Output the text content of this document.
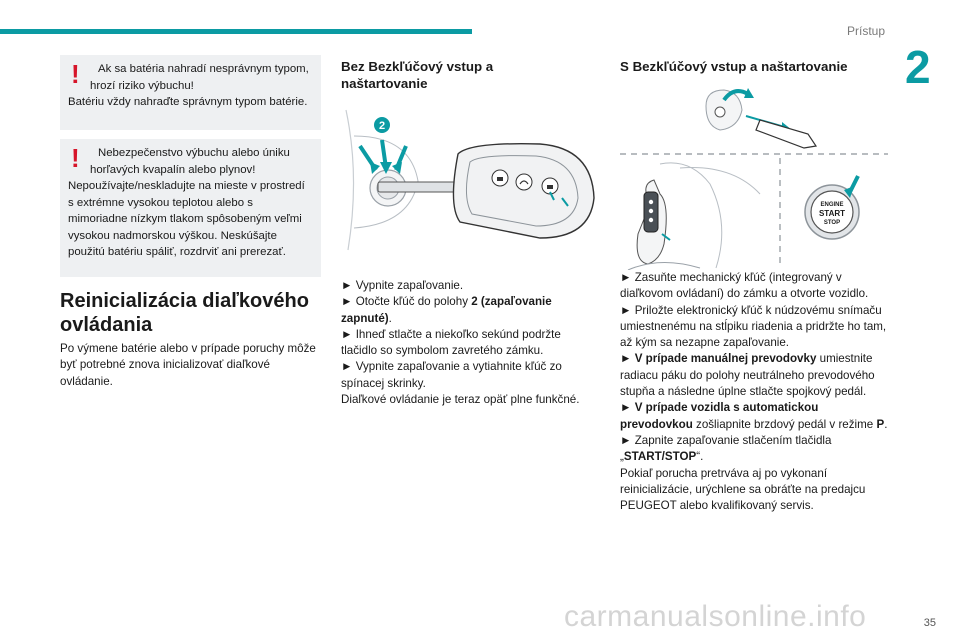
Prístup
2
!	Ak sa batéria nahradí nesprávnym typom, hrozí riziko výbuchu!
Batériu vždy nahraďte správnym typom batérie.
!	Nebezpečenstvo výbuchu alebo úniku horľavých kvapalín alebo plynov!
Nepoužívajte/neskladujte na mieste v prostredí s extrémne vysokou teplotou alebo s mimoriadne nízkym tlakom spôsobeným veľmi vysokou nadmorskou výškou. Neskúšajte použitú batériu spáliť, rozdrviť ani prerezať.
Reinicializácia diaľkového ovládania
Po výmene batérie alebo v prípade poruchy môže byť potrebné znova inicializovať diaľkové ovládanie.
Bez Bezkľúčový vstup a naštartovanie
2
► Vypnite zapaľovanie.
► Otočte kľúč do polohy 2 (zapaľovanie zapnuté).
► Ihneď stlačte a niekoľko sekúnd podržte tlačidlo so symbolom zavretého zámku.
► Vypnite zapaľovanie a vytiahnite kľúč zo spínacej skrinky.
Diaľkové ovládanie je teraz opäť plne funkčné.
S Bezkľúčový vstup a naštartovanie
ENGINE
START
STOP
► Zasuňte mechanický kľúč (integrovaný v diaľkovom ovládaní) do zámku a otvorte vozidlo.
► Priložte elektronický kľúč k núdzovému snímaču umiestnenému na stĺpiku riadenia a pridržte ho tam, až kým sa nezapne zapaľovanie.
► V prípade manuálnej prevodovky umiestnite radiacu páku do polohy neutrálneho prevodového stupňa a následne úplne stlačte spojkový pedál.
► V prípade vozidla s automatickou prevodovkou zošliapnite brzdový pedál v režime P.
► Zapnite zapaľovanie stlačením tlačidla
„START/STOP“.
Pokiaľ porucha pretrváva aj po vykonaní reinicializácie, urýchlene sa obráťte na predajcu PEUGEOT alebo kvalifikovaný servis.
carmanualsonline.info	35
